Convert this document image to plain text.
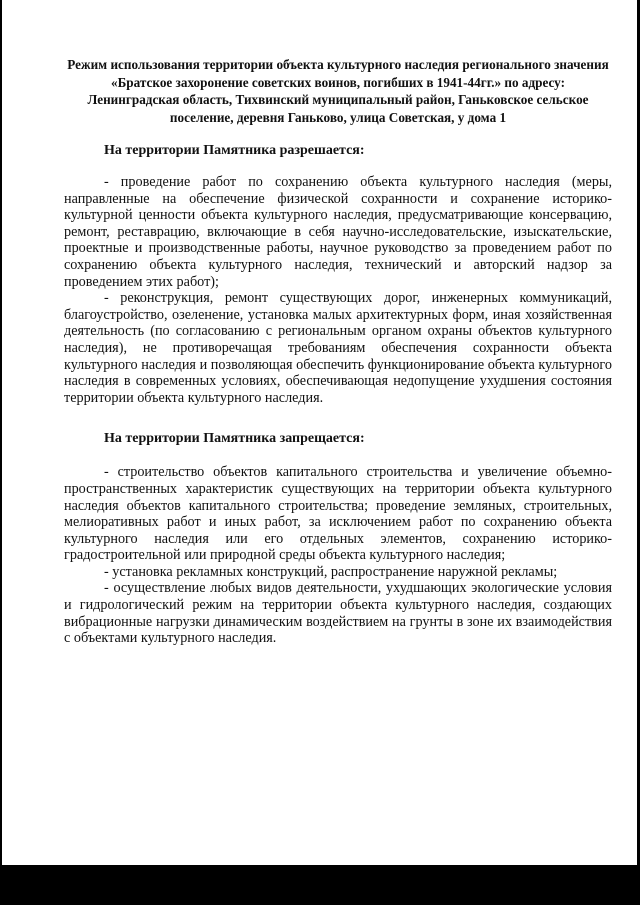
Режим использования территории объекта культурного наследия регионального значения «Братское захоронение советских воинов, погибших в 1941-44гг.» по адресу: Ленинградская область, Тихвинский муниципальный район, Ганьковское сельское поселение, деревня Ганьково, улица Советская, у дома 1

На территории Памятника разрешается:

- проведение работ по сохранению объекта культурного наследия (меры, направленные на обеспечение физической сохранности и сохранение историко-культурной ценности объекта культурного наследия, предусматривающие консервацию, ремонт, реставрацию, включающие в себя научно-исследовательские, изыскательские, проектные и производственные работы, научное руководство за проведением работ по сохранению объекта культурного наследия, технический и авторский надзор за проведением этих работ);

- реконструкция, ремонт существующих дорог, инженерных коммуникаций, благоустройство, озеленение, установка малых архитектурных форм, иная хозяйственная деятельность (по согласованию с региональным органом охраны объектов культурного наследия), не противоречащая требованиям обеспечения сохранности объекта культурного наследия и позволяющая обеспечить функционирование объекта культурного наследия в современных условиях, обеспечивающая недопущение ухудшения состояния территории объекта культурного наследия.

На территории Памятника запрещается:

- строительство объектов капитального строительства и увеличение объемно-пространственных характеристик существующих на территории объекта культурного наследия объектов капитального строительства; проведение земляных, строительных, мелиоративных работ и иных работ, за исключением работ по сохранению объекта культурного наследия или его отдельных элементов, сохранению историко-градостроительной или природной среды объекта культурного наследия;

- установка рекламных конструкций, распространение наружной рекламы;

- осуществление любых видов деятельности, ухудшающих экологические условия и гидрологический режим на территории объекта культурного наследия, создающих вибрационные нагрузки динамическим воздействием на грунты в зоне их взаимодействия с объектами культурного наследия.
